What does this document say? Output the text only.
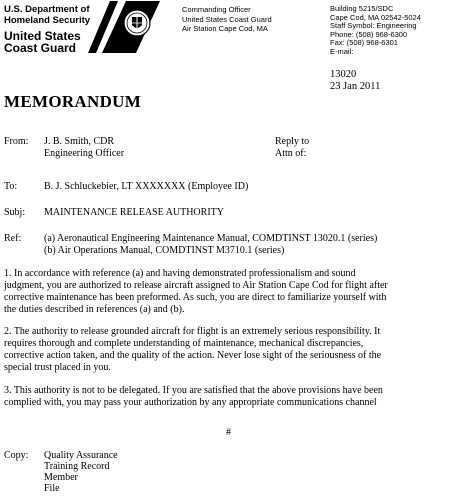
U.S. Department of
Homeland Security
United States
Coast Guard
Commanding Officer
United States Coast Guard
Air Station Cape Cod, MA
Building 5215/SDC
Cape Cod, MA 02542-5024
Staff Symbol: Engineering
Phone: (508) 968-6300
Fax: (508) 968-6301
E-mail:
13020
23 Jan 2011
MEMORANDUM
From: J. B. Smith, CDR
Engineering Officer
Reply to
Attn of:
To:	B. J. Schluckebier, LT XXXXXXX (Employee ID)
Subj: MAINTENANCE RELEASE AUTHORITY
Ref: (a) Aeronautical Engineering Maintenance Manual, COMDTINST 13020.1 (series)
(b) Air Operations Manual, COMDTINST M3710.1 (series)
1. In accordance with reference (a) and having demonstrated professionalism and sound
judgment, you are authorized to release aircraft assigned to Air Station Cape Cod for flight after
corrective maintenance has been preformed. As such, you are direct to familiarize yourself with
the duties described in references (a) and (b).
2. The authority to release grounded aircraft for flight is an extremely serious responsibility. It
requires thorough and complete understanding of maintenance, mechanical discrepancies,
corrective action taken, and the quality of the action. Never lose sight of the seriousness of the
special trust placed in you.
3. This authority is not to be delegated. If you are satisfied that the above provisions have been
complied with, you may pass your authorization by any appropriate communications channel
#
Copy: Quality Assurance
Training Record
Member
File
